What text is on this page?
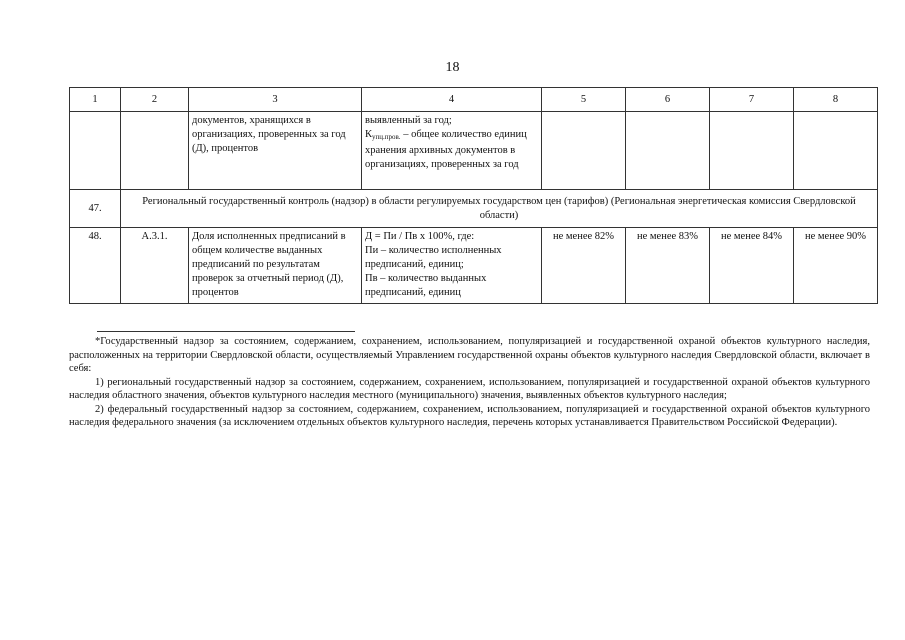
18
1	2	3	4	5	6	7	8
		документов, хранящихся в организациях, проверенных за год (Д), процентов	выявленный за год;
$К_{упц.пров.}$ – общее количество единиц хранения архивных документов в организациях, проверенных за год				
47.	Региональный государственный контроль (надзор) в области регулируемых государством цен (тарифов) (Региональная энергетическая комиссия Свердловской области)						
48.	А.3.1.	Доля исполненных предписаний в общем количестве выданных предписаний по результатам проверок за отчетный период (Д), процентов	Д = Пи / Пв х 100%, где:
Пи – количество исполненных предписаний, единиц;
Пв – количество выданных предписаний, единиц	не менее 82%	не менее 83%	не менее 84%	не менее 90%

*Государственный надзор за состоянием, содержанием, сохранением, использованием, популяризацией и государственной охраной объектов культурного наследия, расположенных на территории Свердловской области, осуществляемый Управлением государственной охраны объектов культурного наследия Свердловской области, включает в себя:

1) региональный государственный надзор за состоянием, содержанием, сохранением, использованием, популяризацией и государственной охраной объектов культурного наследия областного значения, объектов культурного наследия местного (муниципального) значения, выявленных объектов культурного наследия;

2) федеральный государственный надзор за состоянием, содержанием, сохранением, использованием, популяризацией и государственной охраной объектов культурного наследия федерального значения (за исключением отдельных объектов культурного наследия, перечень которых устанавливается Правительством Российской Федерации).
